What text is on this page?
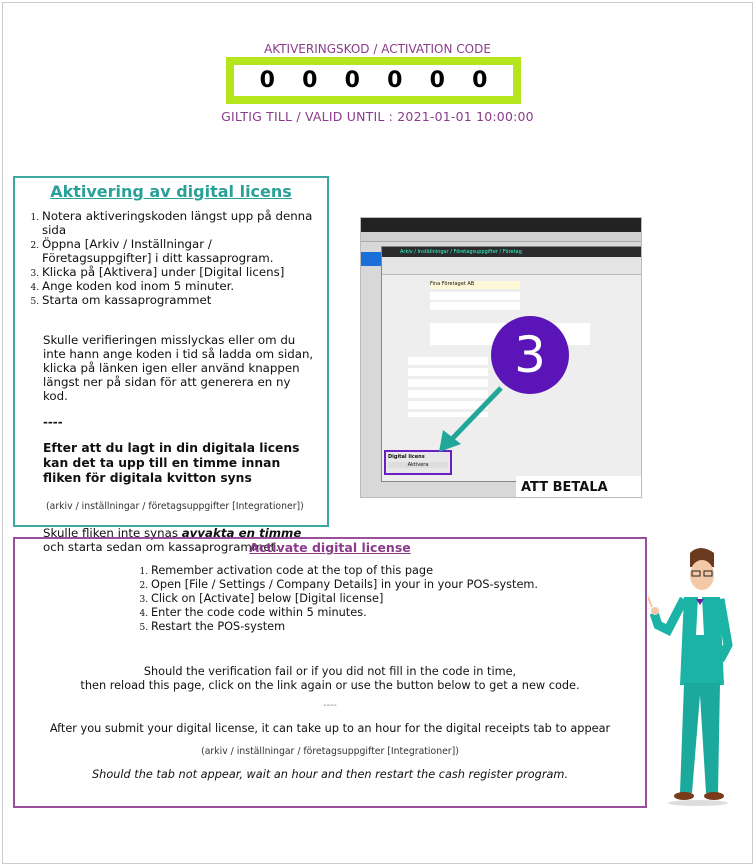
AKTIVERINGSKOD / ACTIVATION CODE
0 0 0 0 0 0
GILTIG TILL / VALID UNTIL : 2021-01-01 10:00:00
Aktivering av digital licens
1. Notera aktiveringskoden längst upp på denna sida
2. Öppna [Arkiv / Inställningar / Företagsuppgifter] i ditt kassaprogram.
3. Klicka på [Aktivera] under [Digital licens]
4. Ange koden kod inom 5 minuter.
5. Starta om kassaprogrammet

Skulle verifieringen misslyckas eller om du inte hann ange koden i tid så ladda om sidan, klicka på länken igen eller använd knappen längst ner på sidan för att generera en ny kod.

----

Efter att du lagt in din digitala licens kan det ta upp till en timme innan fliken för digitala kvitton syns

(arkiv / inställningar / företagsuppgifter [Integrationer])

Skulle fliken inte synas avvakta en timme och starta sedan om kassaprogrammet.

Arkiv / Inställningar / Företagsuppgifter / Företag
Fina Företaget AB
Digital licens
Aktivera
3
ATT BETALA
Activate digital license
1. Remember activation code at the top of this page
2. Open [File / Settings / Company Details] in your in your POS-system.
3. Click on [Activate] below [Digital license]
4. Enter the code code within 5 minutes.
5. Restart the POS-system

Should the verification fail or if you did not fill in the code in time,

then reload this page, click on the link again or use the button below to get a new code.

----

After you submit your digital license, it can take up to an hour for the digital receipts tab to appear

(arkiv / inställningar / företagsuppgifter [Integrationer])

Should the tab not appear, wait an hour and then restart the cash register program.
